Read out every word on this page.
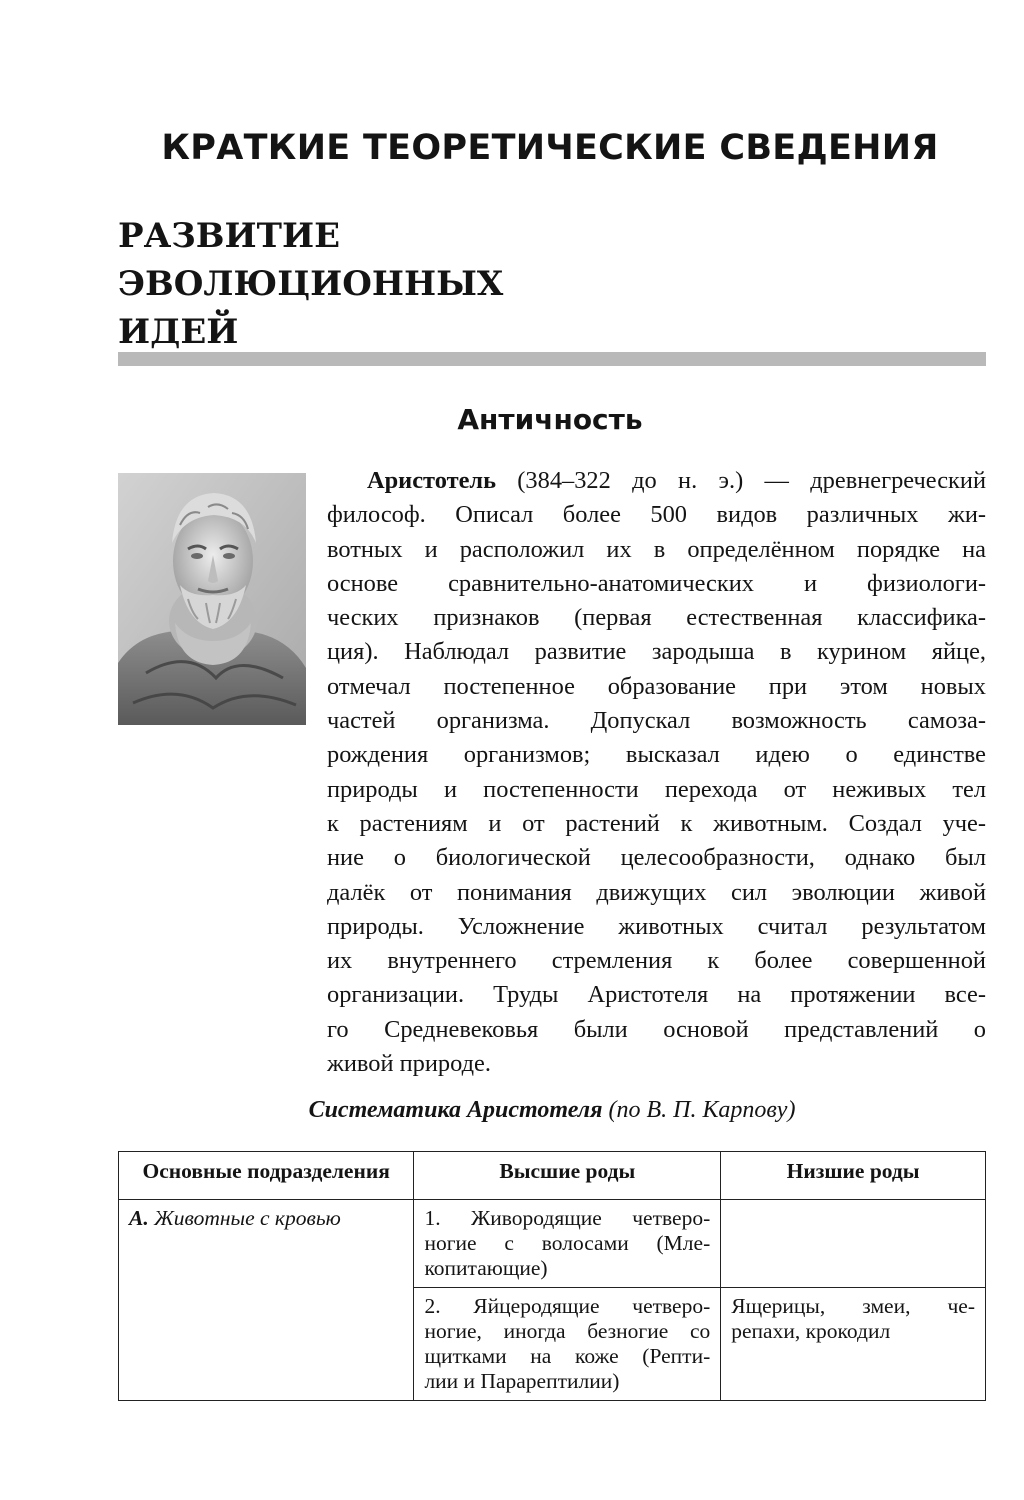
КРАТКИЕ ТЕОРЕТИЧЕСКИЕ СВЕДЕНИЯ
РАЗВИТИЕ
ЭВОЛЮЦИОННЫХ
ИДЕЙ
Античность

Аристотель (384–322 до н. э.) — древнегреческий
философ. Описал более 500 видов различных жи-
вотных и расположил их в определённом порядке на
основе сравнительно-анатомических и физиологи-
ческих признаков (первая естественная классифика-
ция). Наблюдал развитие зародыша в курином яйце,
отмечал постепенное образование при этом новых
частей организма. Допускал возможность самоза-
рождения организмов; высказал идею о единстве
природы и постепенности перехода от неживых тел
к растениям и от растений к животным. Создал уче-
ние о биологической целесообразности, однако был
далёк от понимания движущих сил эволюции живой
природы. Усложнение животных считал результатом
их внутреннего стремления к более совершенной
организации. Труды Аристотеля на протяжении все-
го Средневековья были основой представлений о
живой природе.

Систематика Аристотеля (по В. П. Карпову)

Основные подразделения	Высшие роды	Низшие роды
А. Животные с кровью	1. Живородящие четверо-
ногие с волосами (Мле-
копитающие)	

	2. Яйцеродящие четверо-
ногие, иногда безногие со
щитками на коже (Репти-
лии и Парарептилии)	Ящерицы, змеи, че-
репахи, крокодил
